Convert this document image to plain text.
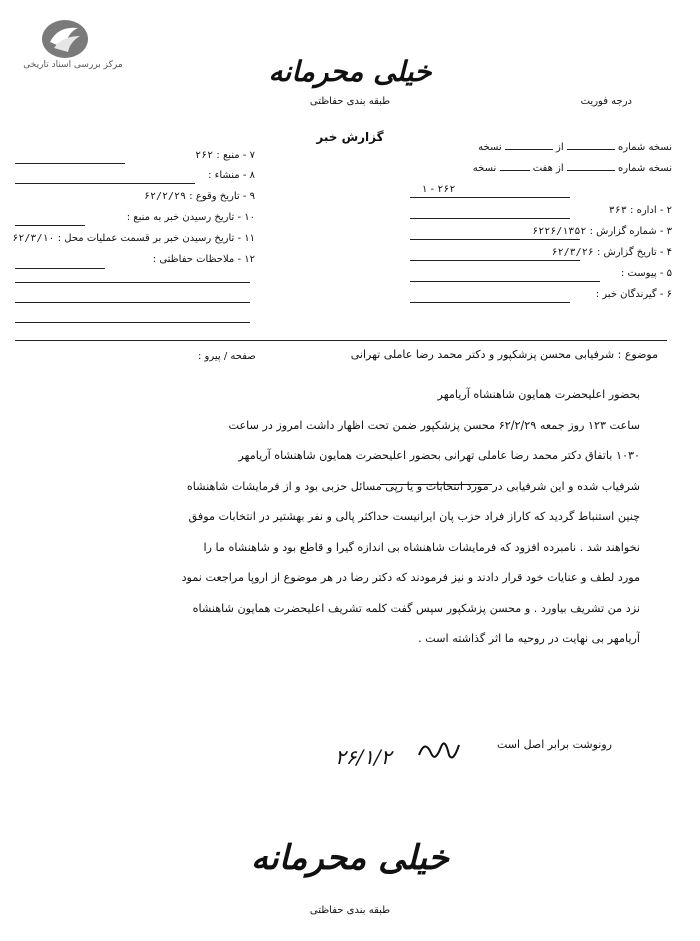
مرکز بررسی اسناد تاریخی	خیلی محرمانه
طبقه بندی حفاظتی	درجه فوریت
گزارش خبر
نسخه شماره  از  نسخه
نسخه شماره  از هفت  نسخه
۱ - ۲۶۲
۲ - اداره : ۳۶۳
۳ - شماره گزارش : ۶۲۲۶/۱۳۵۲
۴ - تاریخ گزارش : ۶۲/۳/۲۶
۵ - پیوست :
۶ - گیرندگان خبر :
۷ - منبع : ۲۶۲
۸ - منشاء :
۹ - تاریخ وقوع : ۶۲/۲/۲۹
۱۰ - تاریخ رسیدن خبر به منبع :
۱۱ - تاریخ رسیدن خبر بر قسمت عملیات محل : ۶۲/۳/۱۰
۱۲ - ملاحظات حفاظتی :
موضوع : شرفیابی محسن پزشکپور و دکتر محمد رضا عاملی تهرانی
صفحه / پیرو :
بحضور اعلیحضرت همایون شاهنشاه آریامهر
ساعت ۱۲۳ روز جمعه ۶۲/۲/۲۹ محسن پزشکپور ضمن تحت اظهار داشت امروز در ساعت
۱۰۳۰ باتفاق دکتر محمد رضا عاملی تهرانی بحضور اعلیحضرت همایون شاهنشاه آریامهر
شرفیاب شده و این شرفیابی در مورد انتخابات و یا رپی مسائل حزبی بود و از فرمایشات شاهنشاه
چنین استنباط گردید که کاراز فراد حزب پان ایرانیست حداکثر پالی و نفر بهشتیر در انتخابات موفق
نخواهند شد . نامبرده افزود که فرمایشات شاهنشاه بی اندازه گیرا و قاطع بود و شاهنشاه ما را
مورد لطف و عنایات خود قرار دادند و نیز فرمودند که دکتر رضا در هر موضوع از اروپا مراجعت نمود
نزد من تشریف بیاورد . و محسن پزشکپور سپس گفت کلمه تشریف اعلیحضرت همایون شاهنشاه
آریامهر بی نهایت در روحیه ما اثر گذاشته است .
رونوشت برابر اصل است
۲۶/۱/۲
خیلی محرمانه
طبقه بندی حفاظتی
